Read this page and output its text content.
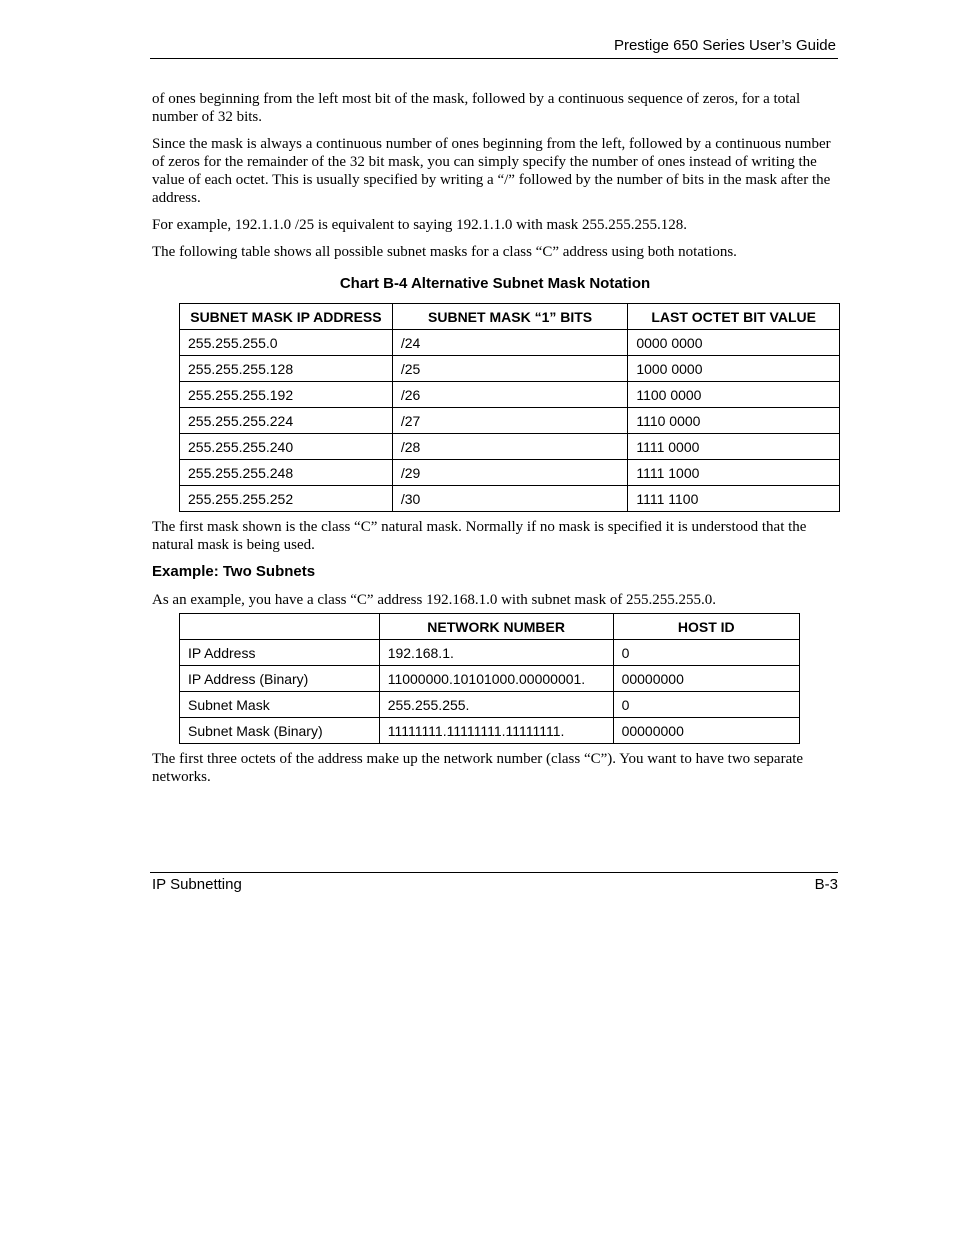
Prestige 650 Series User’s Guide

of ones beginning from the left most bit of the mask, followed by a continuous sequence of zeros, for a total number of 32 bits.

Since the mask is always a continuous number of ones beginning from the left, followed by a continuous number of zeros for the remainder of the 32 bit mask, you can simply specify the number of ones instead of writing the value of each octet. This is usually specified by writing a “/” followed by the number of bits in the mask after the address.

For example, 192.1.1.0 /25 is equivalent to saying 192.1.1.0 with mask 255.255.255.128.

The following table shows all possible subnet masks for a class “C” address using both notations.

Chart B-4 Alternative Subnet Mask Notation
SUBNET MASK IP ADDRESS	SUBNET MASK “1” BITS	LAST OCTET BIT VALUE
255.255.255.0	/24	0000 0000
255.255.255.128	/25	1000 0000
255.255.255.192	/26	1100 0000
255.255.255.224	/27	1110 0000
255.255.255.240	/28	1111 0000
255.255.255.248	/29	1111 1000
255.255.255.252	/30	1111 1100

The first mask shown is the class “C” natural mask. Normally if no mask is specified it is understood that the natural mask is being used.

Example: Two Subnets

As an example, you have a class “C” address 192.168.1.0 with subnet mask of 255.255.255.0.

	NETWORK NUMBER	HOST ID
IP Address	192.168.1.	0
IP Address (Binary)	11000000.10101000.00000001.	00000000
Subnet Mask	255.255.255.	0
Subnet Mask (Binary)	11111111.11111111.11111111.	00000000

The first three octets of the address make up the network number (class “C”). You want to have two separate networks.

IP Subnetting	B-3
